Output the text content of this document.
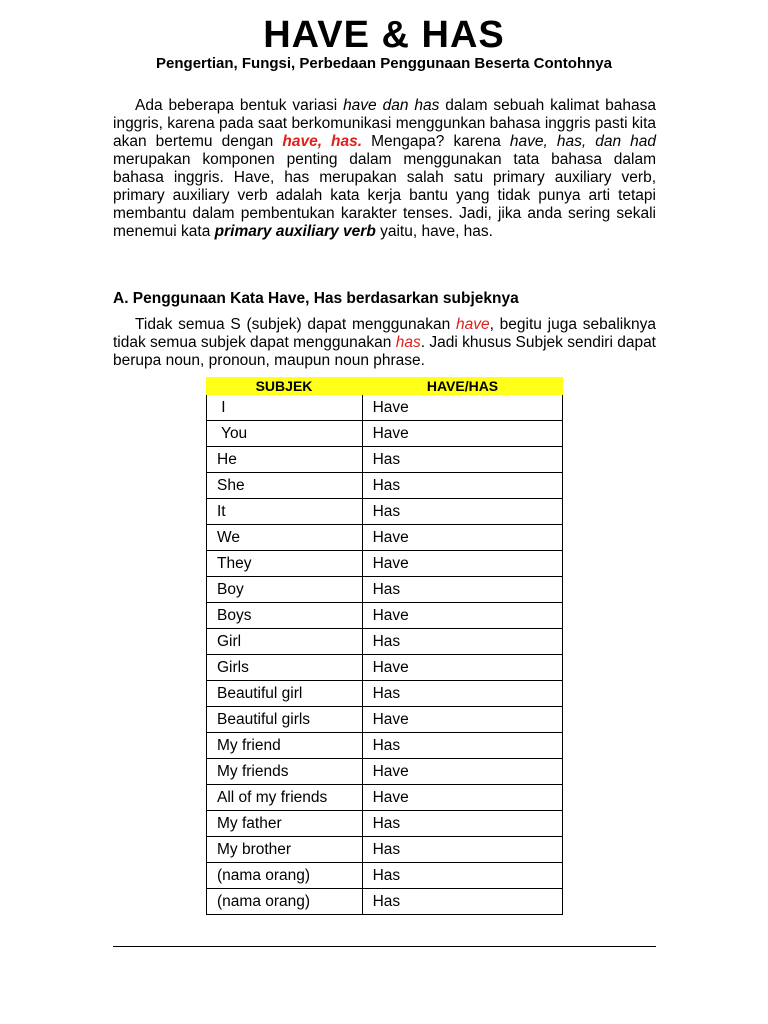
HAVE & HAS
Pengertian, Fungsi, Perbedaan Penggunaan Beserta Contohnya
Ada beberapa bentuk variasi have dan has dalam sebuah kalimat bahasa inggris, karena pada saat berkomunikasi menggunkan bahasa inggris pasti kita akan bertemu dengan have, has. Mengapa? karena have, has, dan had merupakan komponen penting dalam menggunakan tata bahasa dalam bahasa inggris. Have, has merupakan salah satu primary auxiliary verb, primary auxiliary verb adalah kata kerja bantu yang tidak punya arti tetapi membantu dalam pembentukan karakter tenses. Jadi, jika anda sering sekali menemui kata primary auxiliary verb yaitu, have, has.
A. Penggunaan Kata Have, Has berdasarkan subjeknya
Tidak semua S (subjek) dapat menggunakan have, begitu juga sebaliknya tidak semua subjek dapat menggunakan has. Jadi khusus Subjek sendiri dapat berupa noun, pronoun, maupun noun phrase.
SUBJEK	HAVE/HAS
I	Have
You	Have
He	Has
She	Has
It	Has
We	Have
They	Have
Boy	Has
Boys	Have
Girl	Has
Girls	Have
Beautiful girl	Has
Beautiful girls	Have
My friend	Has
My friends	Have
All of my friends	Have
My father	Has
My brother	Has
(nama orang)	Has
(nama orang)	Has
